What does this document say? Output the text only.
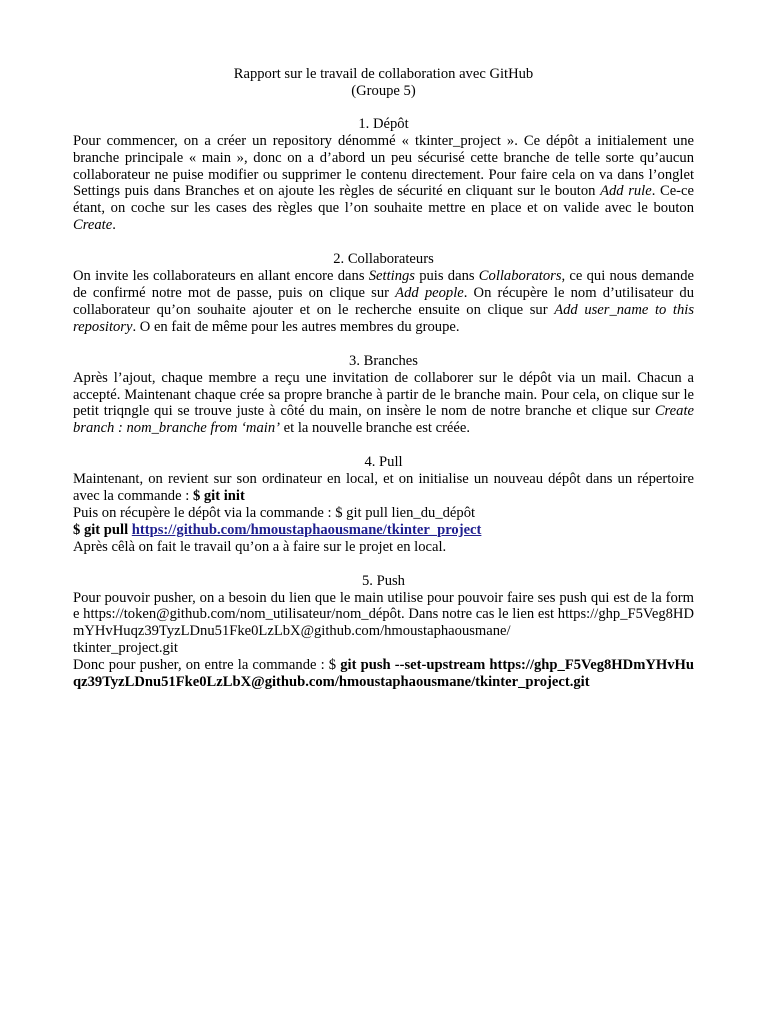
Rapport sur le travail de collaboration avec GitHub

(Groupe 5)

1. Dépôt

Pour commencer, on a créer un repository dénommé « tkinter_project ». Ce dépôt a initialement une branche principale « main », donc on a d’abord un peu sécurisé cette branche de telle sorte qu’aucun collaborateur ne puise modifier ou supprimer le contenu directement. Pour faire cela on va dans l’onglet Settings puis dans Branches et on ajoute les règles de sécurité en cliquant sur le bouton Add rule. Ce-ce étant, on coche sur les cases des règles que l’on souhaite mettre en place et on valide avec le bouton Create.

2. Collaborateurs

On invite les collaborateurs en allant encore dans Settings puis dans Collaborators, ce qui nous demande de confirmé notre mot de passe, puis on clique sur Add people. On récupère le nom d’utilisateur du collaborateur qu’on souhaite ajouter et on le recherche ensuite on clique sur Add user_name to this repository. O en fait de même pour les autres membres du groupe.

3. Branches

Après l’ajout, chaque membre a reçu une invitation de collaborer sur le dépôt via un mail. Chacun a accepté. Maintenant chaque crée sa propre branche à partir de le branche main. Pour cela, on clique sur le petit triqngle qui se trouve juste à côté du main, on insère le nom de notre branche et clique sur Create branch : nom_branche from ‘main’ et la nouvelle branche est créée.

4. Pull

Maintenant, on revient sur son ordinateur en local, et on initialise un nouveau dépôt dans un répertoire avec la commande : $ git init

Puis on récupère le dépôt via la commande : $ git pull lien_du_dépôt

$ git pull https://github.com/hmoustaphaousmane/tkinter_project

Après cêlà on fait le travail qu’on a à faire sur le projet en local.

5. Push

Pour pouvoir pusher, on a besoin du lien que le main utilise pour pouvoir faire ses push qui est de la forme https://token@github.com/nom_utilisateur/nom_dépôt. Dans notre cas le lien est https://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@github.com/hmoustaphaousmane/

tkinter_project.git

Donc pour pusher, on entre la commande : $ git push --set-upstream https://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@github.com/hmoustaphaousmane/tkinter_project.git
